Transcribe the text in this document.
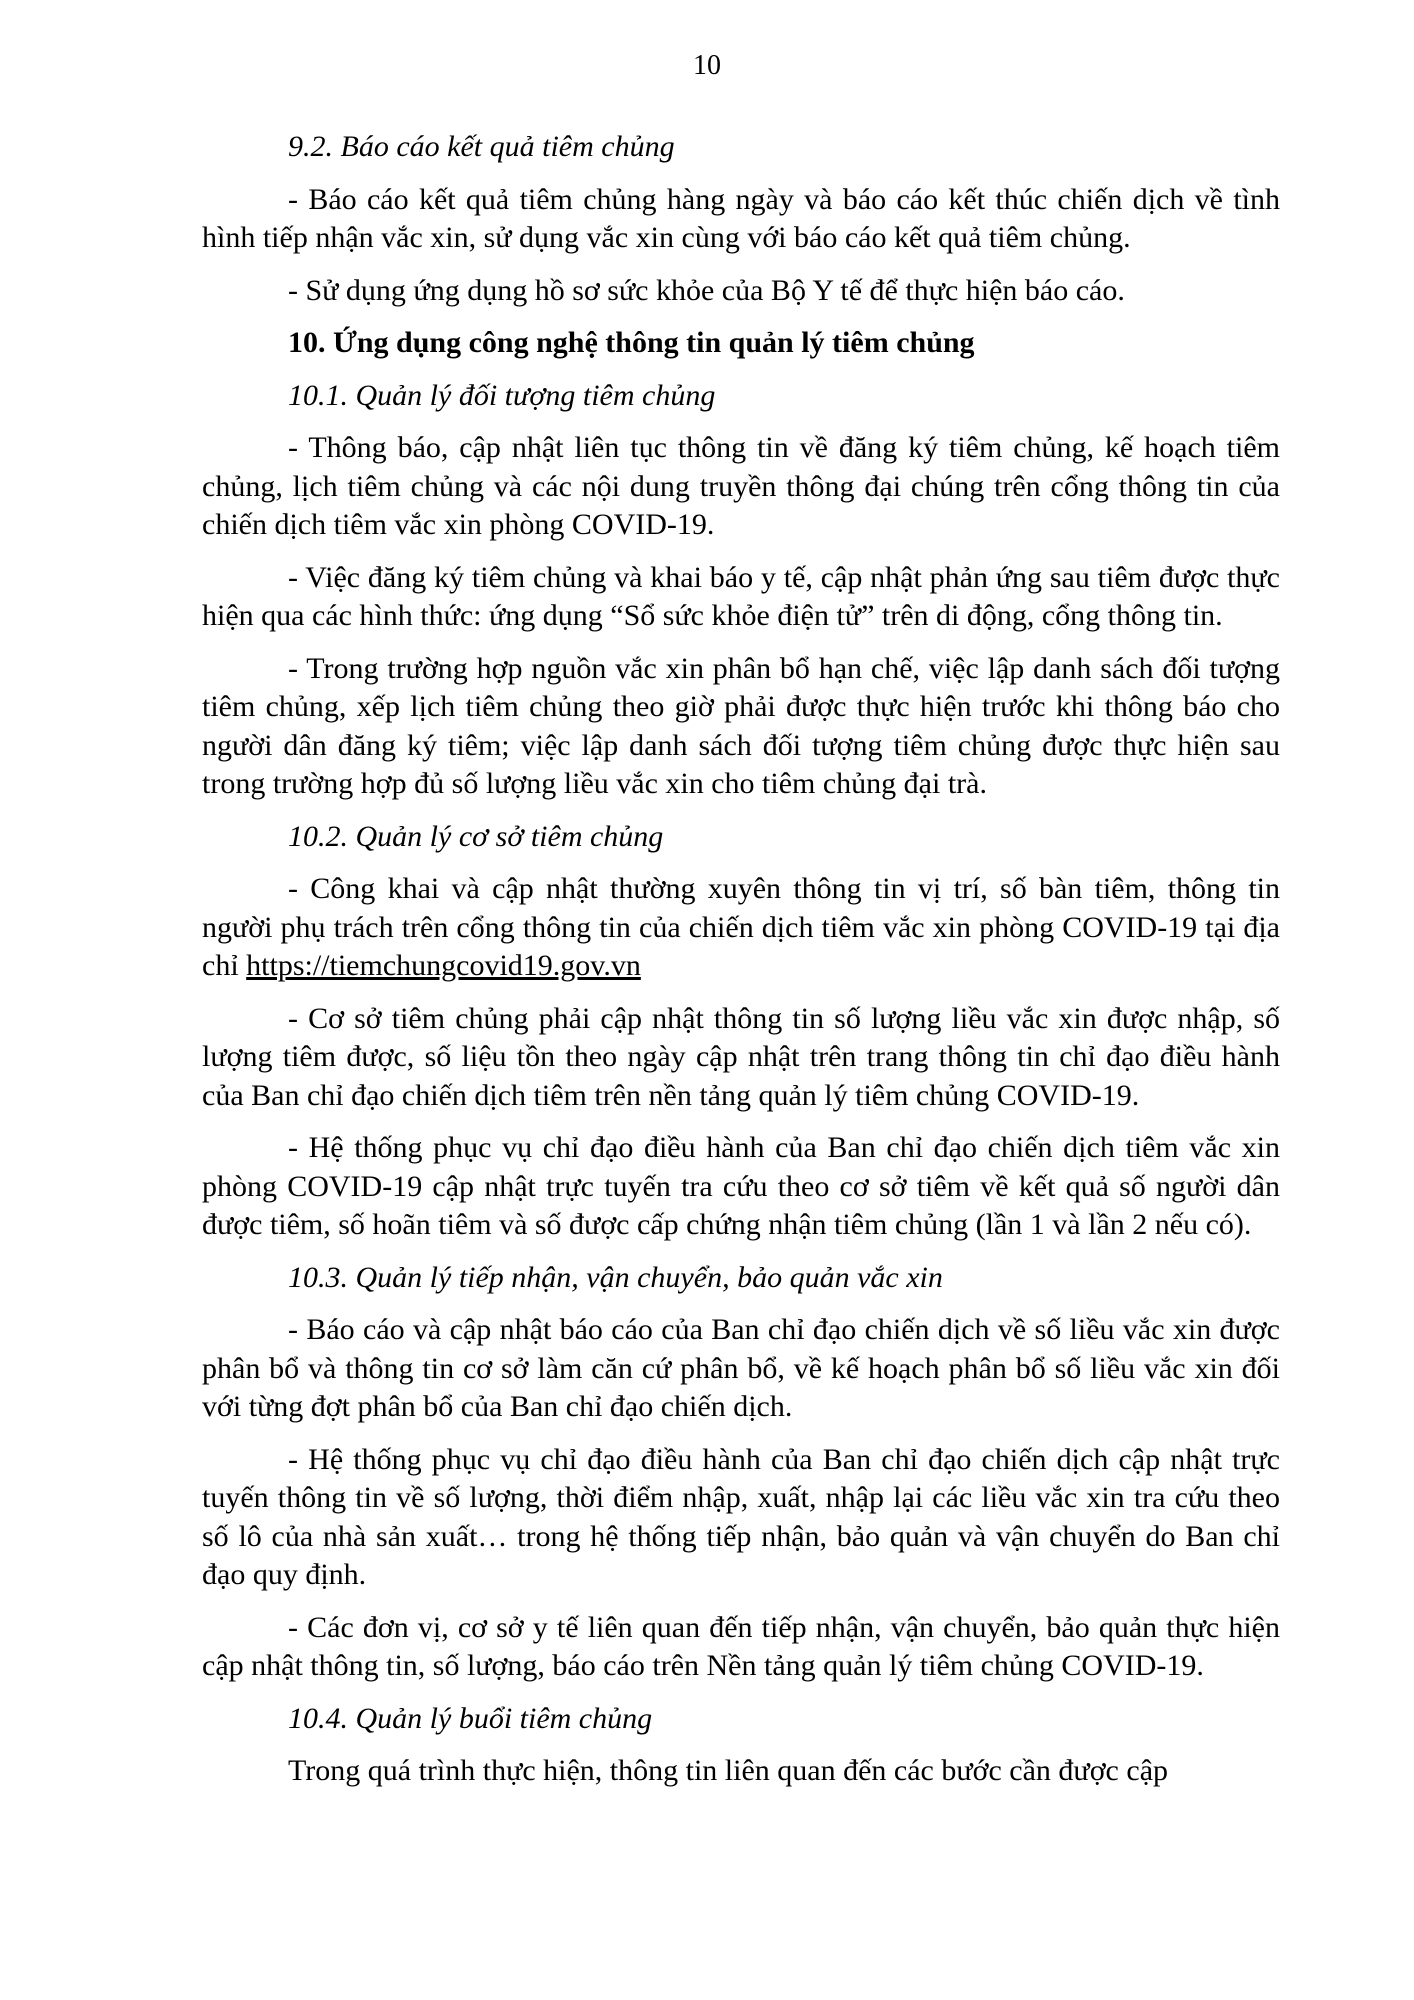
10

9.2. Báo cáo kết quả tiêm chủng

- Báo cáo kết quả tiêm chủng hàng ngày và báo cáo kết thúc chiến dịch về tình hình tiếp nhận vắc xin, sử dụng vắc xin cùng với báo cáo kết quả tiêm chủng.

- Sử dụng ứng dụng hồ sơ sức khỏe của Bộ Y tế để thực hiện báo cáo.

10. Ứng dụng công nghệ thông tin quản lý tiêm chủng

10.1. Quản lý đối tượng tiêm chủng

- Thông báo, cập nhật liên tục thông tin về đăng ký tiêm chủng, kế hoạch tiêm chủng, lịch tiêm chủng và các nội dung truyền thông đại chúng trên cổng thông tin của chiến dịch tiêm vắc xin phòng COVID-19.

- Việc đăng ký tiêm chủng và khai báo y tế, cập nhật phản ứng sau tiêm được thực hiện qua các hình thức: ứng dụng “Sổ sức khỏe điện tử” trên di động, cổng thông tin.

- Trong trường hợp nguồn vắc xin phân bổ hạn chế, việc lập danh sách đối tượng tiêm chủng, xếp lịch tiêm chủng theo giờ phải được thực hiện trước khi thông báo cho người dân đăng ký tiêm; việc lập danh sách đối tượng tiêm chủng được thực hiện sau trong trường hợp đủ số lượng liều vắc xin cho tiêm chủng đại trà.

10.2. Quản lý cơ sở tiêm chủng

- Công khai và cập nhật thường xuyên thông tin vị trí, số bàn tiêm, thông tin người phụ trách trên cổng thông tin của chiến dịch tiêm vắc xin phòng COVID-19 tại địa chỉ https://tiemchungcovid19.gov.vn

- Cơ sở tiêm chủng phải cập nhật thông tin số lượng liều vắc xin được nhập, số lượng tiêm được, số liệu tồn theo ngày cập nhật trên trang thông tin chỉ đạo điều hành của Ban chỉ đạo chiến dịch tiêm trên nền tảng quản lý tiêm chủng COVID-19.

- Hệ thống phục vụ chỉ đạo điều hành của Ban chỉ đạo chiến dịch tiêm vắc xin phòng COVID-19 cập nhật trực tuyến tra cứu theo cơ sở tiêm về kết quả số người dân được tiêm, số hoãn tiêm và số được cấp chứng nhận tiêm chủng (lần 1 và lần 2 nếu có).

10.3. Quản lý tiếp nhận, vận chuyển, bảo quản vắc xin

- Báo cáo và cập nhật báo cáo của Ban chỉ đạo chiến dịch về số liều vắc xin được phân bổ và thông tin cơ sở làm căn cứ phân bổ, về kế hoạch phân bổ số liều vắc xin đối với từng đợt phân bổ của Ban chỉ đạo chiến dịch.

- Hệ thống phục vụ chỉ đạo điều hành của Ban chỉ đạo chiến dịch cập nhật trực tuyến thông tin về số lượng, thời điểm nhập, xuất, nhập lại các liều vắc xin tra cứu theo số lô của nhà sản xuất… trong hệ thống tiếp nhận, bảo quản và vận chuyển do Ban chỉ đạo quy định.

- Các đơn vị, cơ sở y tế liên quan đến tiếp nhận, vận chuyển, bảo quản thực hiện cập nhật thông tin, số lượng, báo cáo trên Nền tảng quản lý tiêm chủng COVID-19.

10.4. Quản lý buổi tiêm chủng

Trong quá trình thực hiện, thông tin liên quan đến các bước cần được cập
